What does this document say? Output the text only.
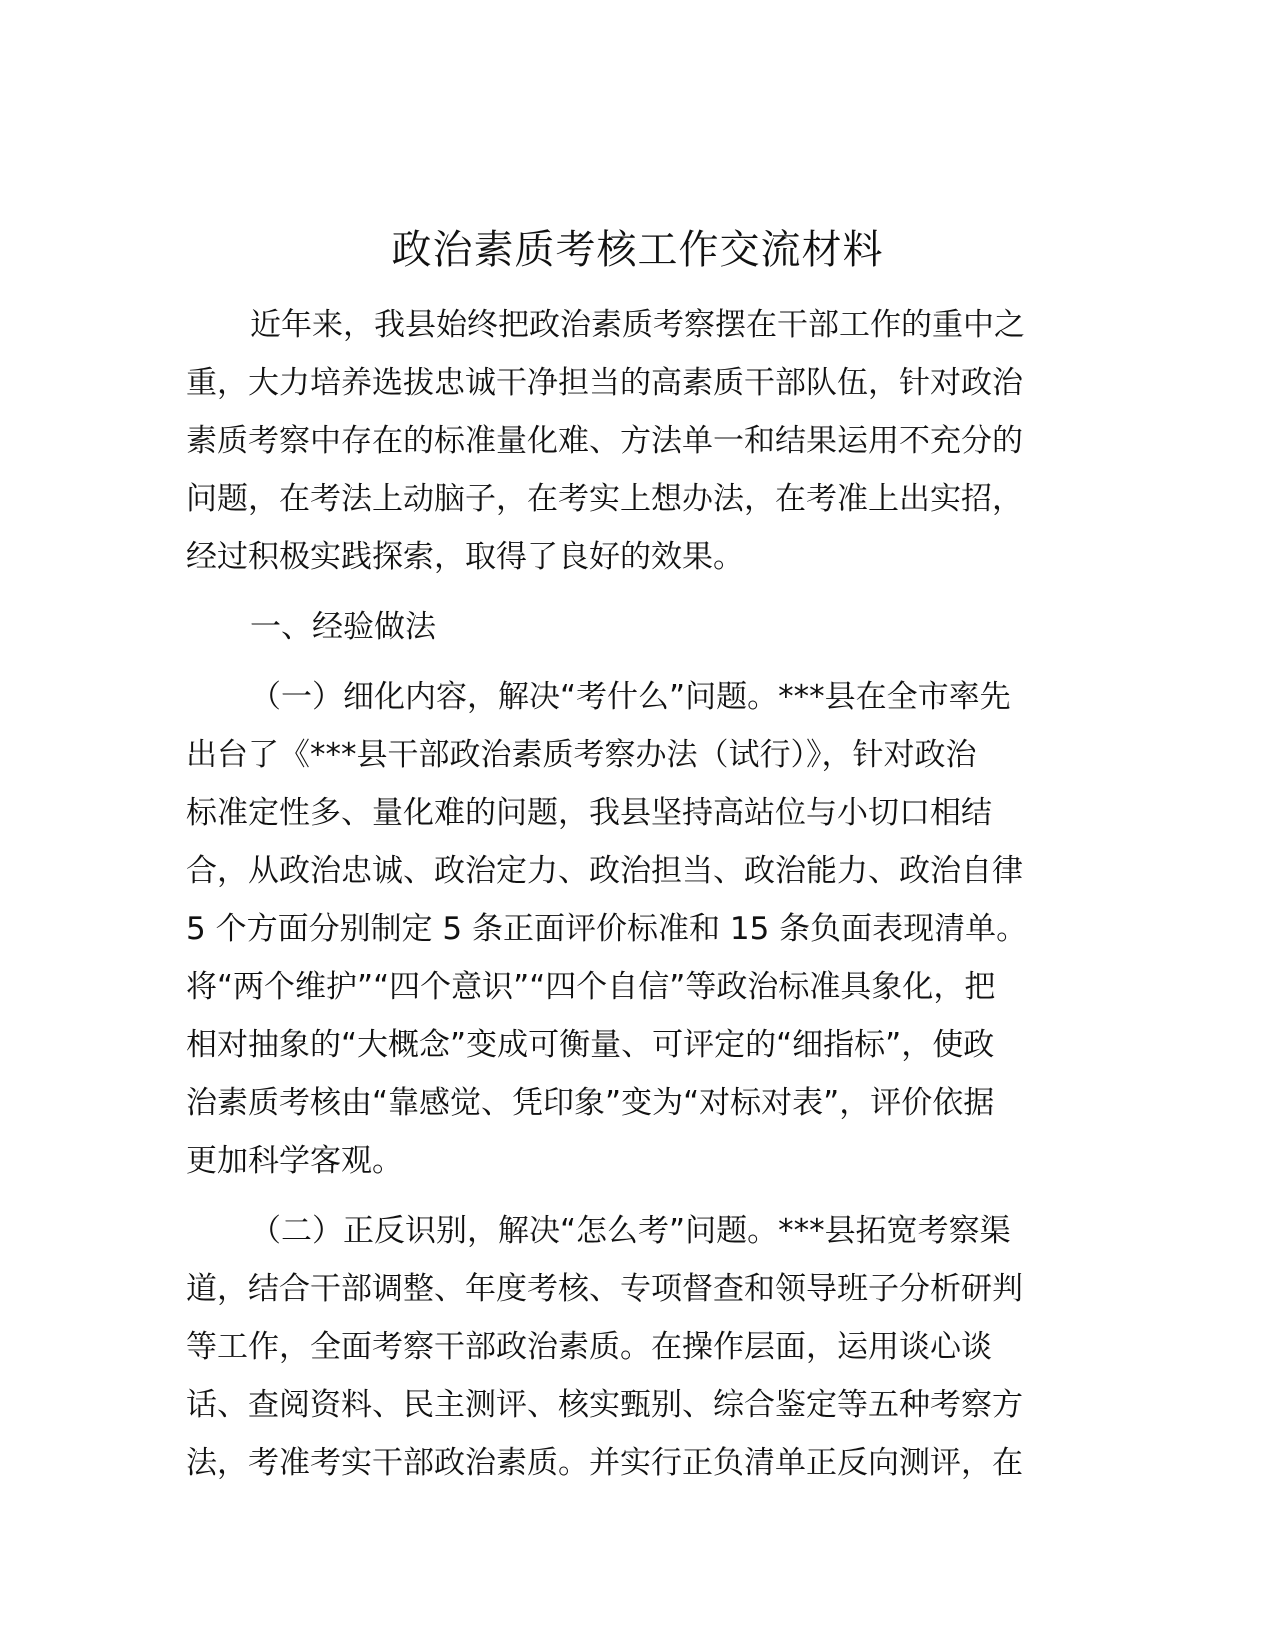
政治素质考核工作交流材料

近年来，我县始终把政治素质考察摆在干部工作的重中之
重，大力培养选拔忠诚干净担当的高素质干部队伍，针对政治
素质考察中存在的标准量化难、方法单一和结果运用不充分的
问题，在考法上动脑子，在考实上想办法，在考准上出实招，
经过积极实践探索，取得了良好的效果。

一、经验做法

（一）细化内容，解决“考什么”问题。***县在全市率先
出台了《***县干部政治素质考察办法（试行）》，针对政治
标准定性多、量化难的问题，我县坚持高站位与小切口相结
合，从政治忠诚、政治定力、政治担当、政治能力、政治自律
5 个方面分别制定 5 条正面评价标准和 15 条负面表现清单。
将“两个维护”“四个意识”“四个自信”等政治标准具象化，把
相对抽象的“大概念”变成可衡量、可评定的“细指标”，使政
治素质考核由“靠感觉、凭印象”变为“对标对表”，评价依据
更加科学客观。

（二）正反识别，解决“怎么考”问题。***县拓宽考察渠
道，结合干部调整、年度考核、专项督查和领导班子分析研判
等工作，全面考察干部政治素质。在操作层面，运用谈心谈
话、查阅资料、民主测评、核实甄别、综合鉴定等五种考察方
法，考准考实干部政治素质。并实行正负清单正反向测评，在
